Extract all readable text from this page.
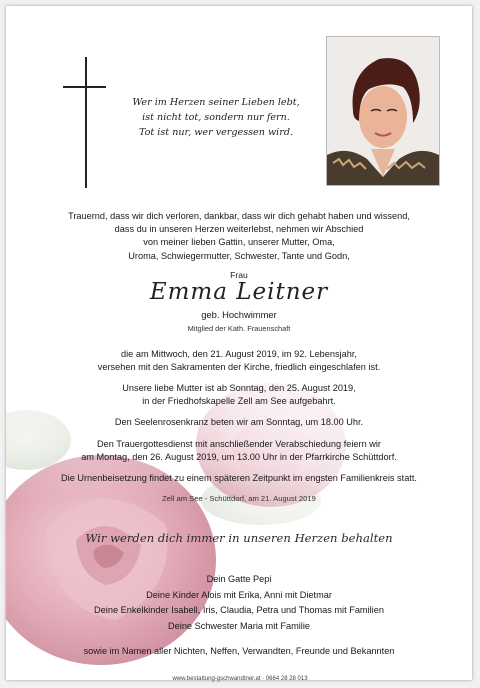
Wer im Herzen seiner Lieben lebt,
ist nicht tot, sondern nur fern.
Tot ist nur, wer vergessen wird.
Trauernd, dass wir dich verloren, dankbar, dass wir dich gehabt haben und wissend,
dass du in unseren Herzen weiterlebst, nehmen wir Abschied
von meiner lieben Gattin, unserer Mutter, Oma,
Uroma, Schwiegermutter, Schwester, Tante und Godn,
Frau
Emma Leitner
geb. Hochwimmer
Mitglied der Kath. Frauenschaft
die am Mittwoch, den 21. August 2019, im 92. Lebensjahr,
versehen mit den Sakramenten der Kirche, friedlich eingeschlafen ist.
Unsere liebe Mutter ist ab Sonntag, den 25. August 2019,
in der Friedhofskapelle Zell am See aufgebahrt.
Den Seelenrosenkranz beten wir am Sonntag, um 18.00 Uhr.
Den Trauergottesdienst mit anschließender Verabschiedung feiern wir
am Montag, den 26. August 2019, um 13.00 Uhr in der Pfarrkirche Schüttdorf.
Die Urnenbeisetzung findet zu einem späteren Zeitpunkt im engsten Familienkreis statt.
Zell am See - Schüttdorf, am 21. August 2019
Wir werden dich immer in unseren Herzen behalten
Dein Gatte Pepi
Deine Kinder Alois mit Erika, Anni mit Dietmar
Deine Enkelkinder Isabell, Iris, Claudia, Petra und Thomas mit Familien
Deine Schwester Maria mit Familie
sowie im Namen aller Nichten, Neffen, Verwandten, Freunde und Bekannten
www.bestattung-gschwandtner.at · 0664 28 28 013
